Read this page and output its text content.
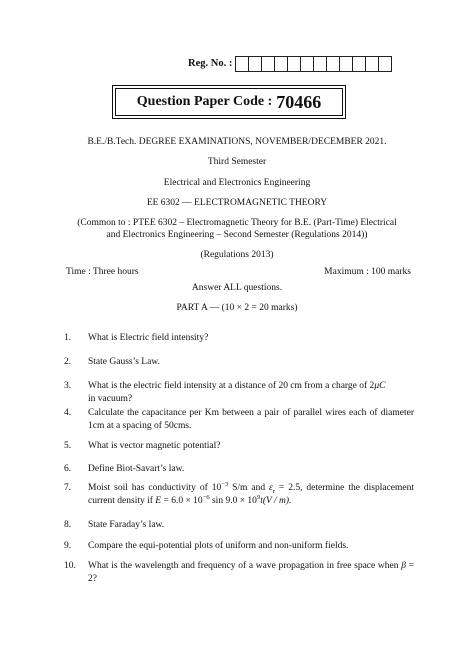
Reg. No. :
Question Paper Code : 70466
B.E./B.Tech. DEGREE EXAMINATIONS, NOVEMBER/DECEMBER 2021.
Third Semester
Electrical and Electronics Engineering
EE 6302 — ELECTROMAGNETIC THEORY
(Common to : PTEE 6302 – Electromagnetic Theory for B.E. (Part-Time) Electrical
and Electronics Engineering – Second Semester (Regulations 2014))
(Regulations 2013)
Time : Three hours	Maximum : 100 marks
Answer ALL questions.
PART A — (10 × 2 = 20 marks)
1.	What is Electric field intensity?
2.	State Gauss’s Law.
3.	What is the electric field intensity at a distance of 20 cm from a charge of 2μC
in vacuum?
4.	Calculate the capacitance per Km between a pair of parallel wires each of diameter 1cm at a spacing of 50cms.
5.	What is vector magnetic potential?
6.	Define Biot-Savart’s law.
7.	Moist soil has conductivity of $10^{-3}$ S/m and $\varepsilon_r = 2.5$, determine the displacement current density if $E = 6.0 \times 10^{-6}$ $\sin 9.0 \times 10^9t(V / m)$.
8.	State Faraday’s law.
9.	Compare the equi-potential plots of uniform and non-uniform fields.
10.	What is the wavelength and frequency of a wave propagation in free space when β = 2?
